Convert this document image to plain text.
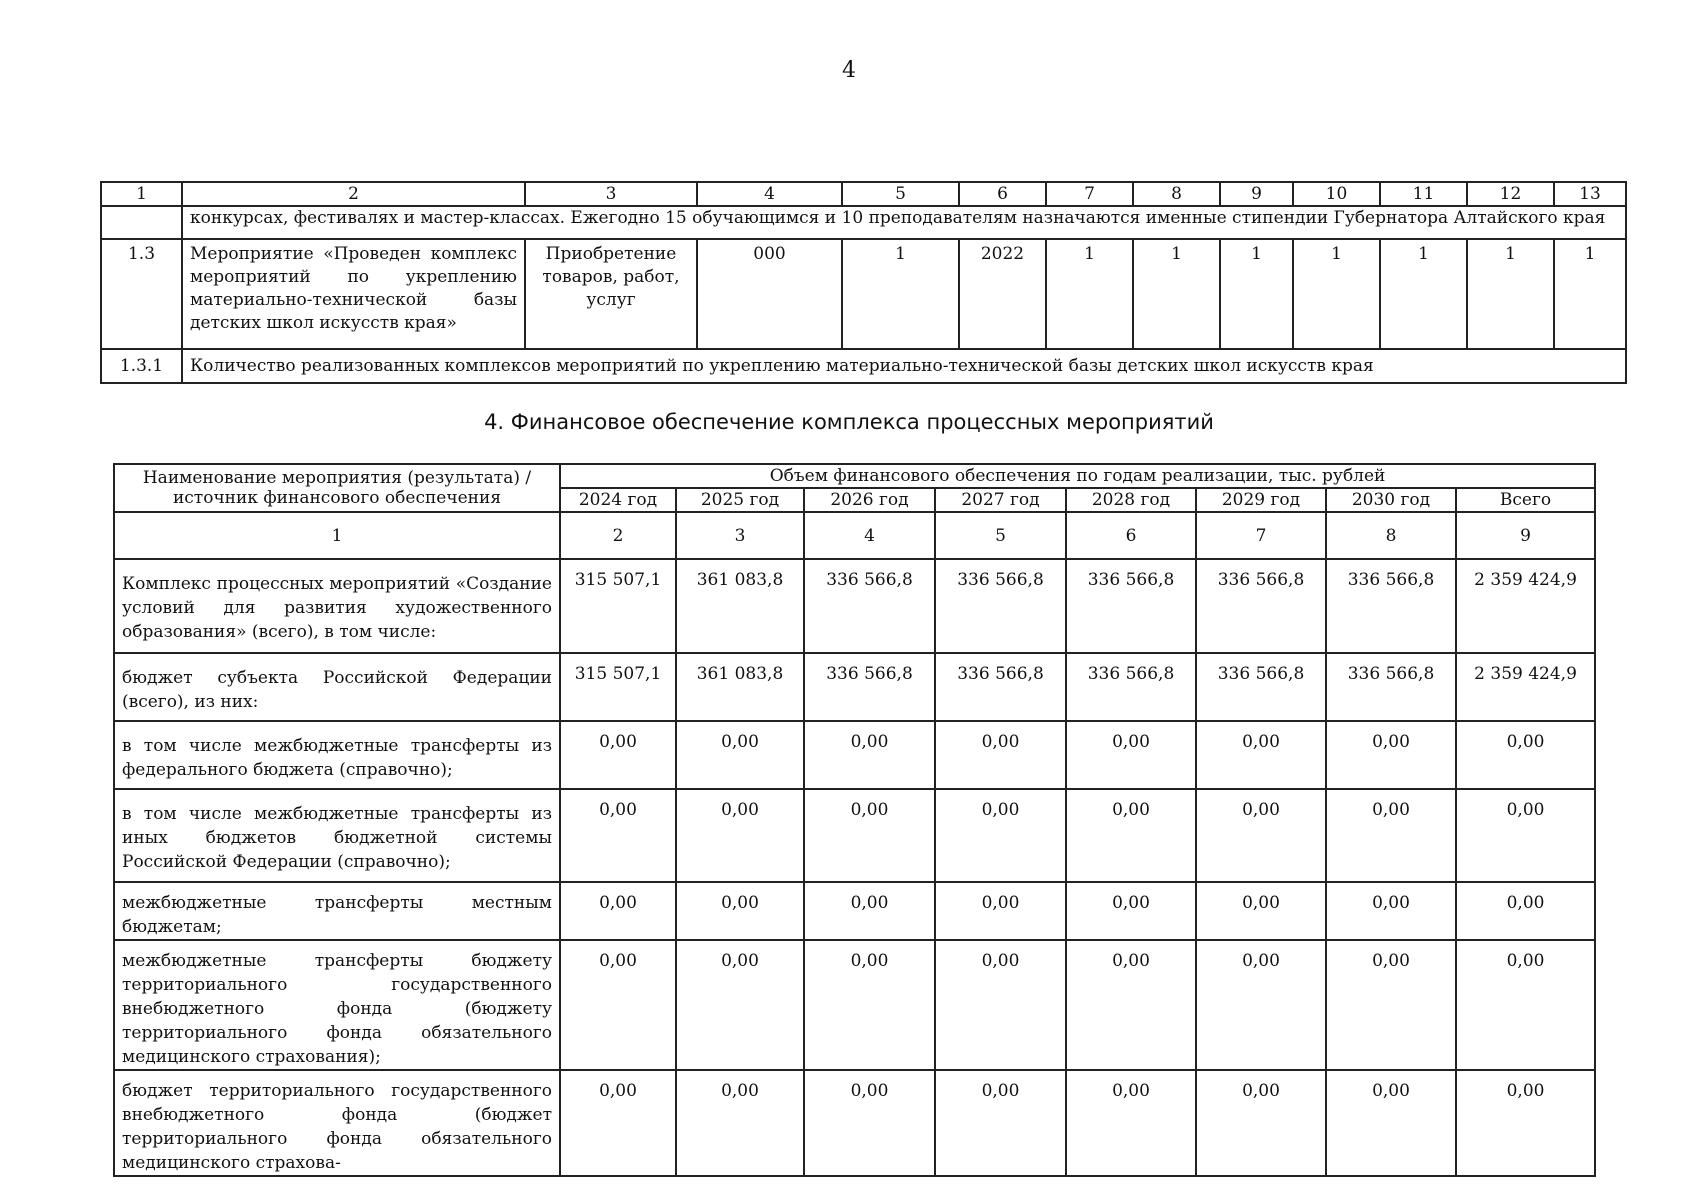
4
1	2	3	4	5	6	7	8	9	10	11	12	13
	конкурсах, фестивалях и мастер-классах. Ежегодно 15 обучающимся и 10 преподавателям назначаются именные стипендии Губернатора Алтайского края											
1.3	Мероприятие «Проведен комплекс мероприятий по укреплению материально-технической базы детских школ искусств края»	Приобретение товаров, работ, услуг	000	1	2022	1	1	1	1	1	1	1
1.3.1	Количество реализованных комплексов мероприятий по укреплению материально-технической базы детских школ искусств края											
4. Финансовое обеспечение комплекса процессных мероприятий
Наименование мероприятия (результата) / источник финансового обеспечения	Объем финансового обеспечения по годам реализации, тыс. рублей							
	2024 год	2025 год	2026 год	2027 год	2028 год	2029 год	2030 год	Всего
1	2	3	4	5	6	7	8	9
Комплекс процессных мероприятий «Создание условий для развития художественного образования» (всего), в том числе:	315 507,1	361 083,8	336 566,8	336 566,8	336 566,8	336 566,8	336 566,8	2 359 424,9
бюджет субъекта Российской Федерации (всего), из них:	315 507,1	361 083,8	336 566,8	336 566,8	336 566,8	336 566,8	336 566,8	2 359 424,9
в том числе межбюджетные трансферты из федерального бюджета (справочно);	0,00	0,00	0,00	0,00	0,00	0,00	0,00	0,00
в том числе межбюджетные трансферты из иных бюджетов бюджетной системы Российской Федерации (справочно);	0,00	0,00	0,00	0,00	0,00	0,00	0,00	0,00
межбюджетные трансферты местным бюджетам;	0,00	0,00	0,00	0,00	0,00	0,00	0,00	0,00
межбюджетные трансферты бюджету территориального государственного внебюджетного фонда (бюджету территориального фонда обязательного медицинского страхования);	0,00	0,00	0,00	0,00	0,00	0,00	0,00	0,00
бюджет территориального государственного внебюджетного фонда (бюджет территориального фонда обязательного медицинского страхова-	0,00	0,00	0,00	0,00	0,00	0,00	0,00	0,00
